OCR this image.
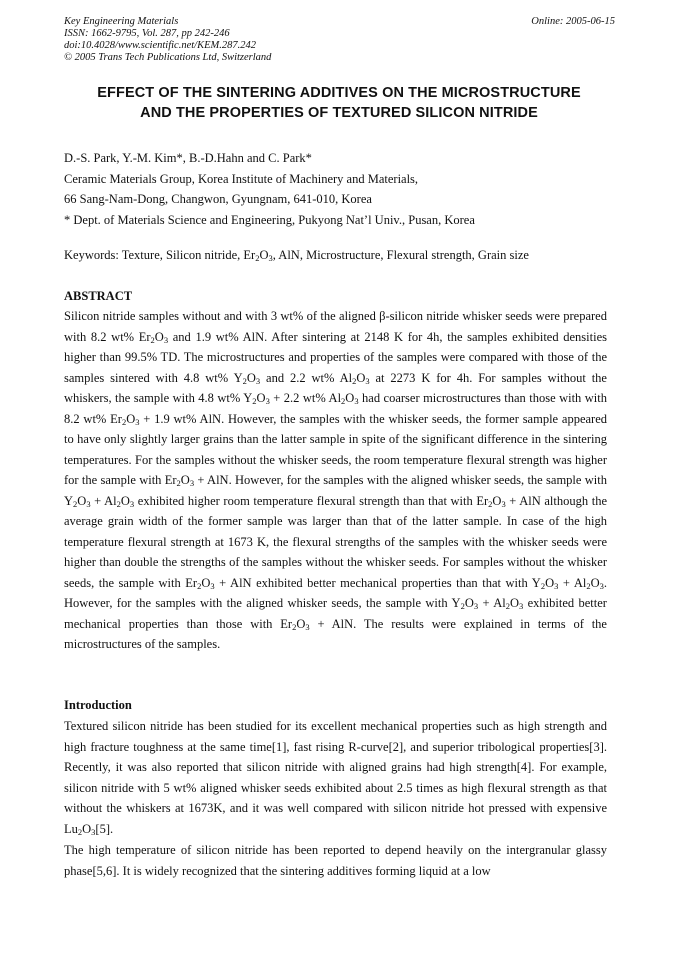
Key Engineering Materials
ISSN: 1662-9795, Vol. 287, pp 242-246
doi:10.4028/www.scientific.net/KEM.287.242
© 2005 Trans Tech Publications Ltd, Switzerland
Online: 2005-06-15
EFFECT OF THE SINTERING ADDITIVES ON THE MICROSTRUCTURE
AND THE PROPERTIES OF TEXTURED SILICON NITRIDE
D.-S. Park, Y.-M. Kim*, B.-D.Hahn and C. Park*
Ceramic Materials Group, Korea Institute of Machinery and Materials,
66 Sang-Nam-Dong, Changwon, Gyungnam, 641-010, Korea
* Dept. of Materials Science and Engineering, Pukyong Nat’l Univ., Pusan, Korea
Keywords: Texture, Silicon nitride, $Er_2O_3$, AlN, Microstructure, Flexural strength, Grain size
ABSTRACT
Silicon nitride samples without and with 3 wt% of the aligned β-silicon nitride whisker seeds were prepared with 8.2 wt% $Er_2O_3$ and 1.9 wt% AlN. After sintering at 2148 K for 4h, the samples exhibited densities higher than 99.5% TD. The microstructures and properties of the samples were compared with those of the samples sintered with 4.8 wt% $Y_2O_3$ and 2.2 wt% $Al_2O_3$ at 2273 K for 4h. For samples without the whiskers, the sample with 4.8 wt% $Y_2O_3 + 2.2$ wt% $Al_2O_3$ had coarser microstructures than those with with 8.2 wt% $Er_2O_3 + 1.9$ wt% AlN. However, the samples with the whisker seeds, the former sample appeared to have only slightly larger grains than the latter sample in spite of the significant difference in the sintering temperatures. For the samples without the whisker seeds, the room temperature flexural strength was higher for the sample with $Er_2O_3$ + AlN. However, for the samples with the aligned whisker seeds, the sample with $Y_2O_3 + Al_2O_3$ exhibited higher room temperature flexural strength than that with $Er_2O_3$ + AlN although the average grain width of the former sample was larger than that of the latter sample. In case of the high temperature flexural strength at 1673 K, the flexural strengths of the samples with the whisker seeds were higher than double the strengths of the samples without the whisker seeds. For samples without the whisker seeds, the sample with $Er_2O_3$ + AlN exhibited better mechanical properties than that with $Y_2O_3 + Al_2O_3$. However, for the samples with the aligned whisker seeds, the sample with $Y_2O_3 + Al_2O_3$ exhibited better mechanical properties than those with $Er_2O_3$ + AlN. The results were explained in terms of the microstructures of the samples.
Introduction
Textured silicon nitride has been studied for its excellent mechanical properties such as high strength and high fracture toughness at the same time[1], fast rising R-curve[2], and superior tribological properties[3]. Recently, it was also reported that silicon nitride with aligned grains had high strength[4]. For example, silicon nitride with 5 wt% aligned whisker seeds exhibited about 2.5 times as high flexural strength as that without the whiskers at 1673K, and it was well compared with silicon nitride hot pressed with expensive $Lu_2O_3[5]$.
The high temperature of silicon nitride has been reported to depend heavily on the intergranular glassy phase[5,6]. It is widely recognized that the sintering additives forming liquid at a low
